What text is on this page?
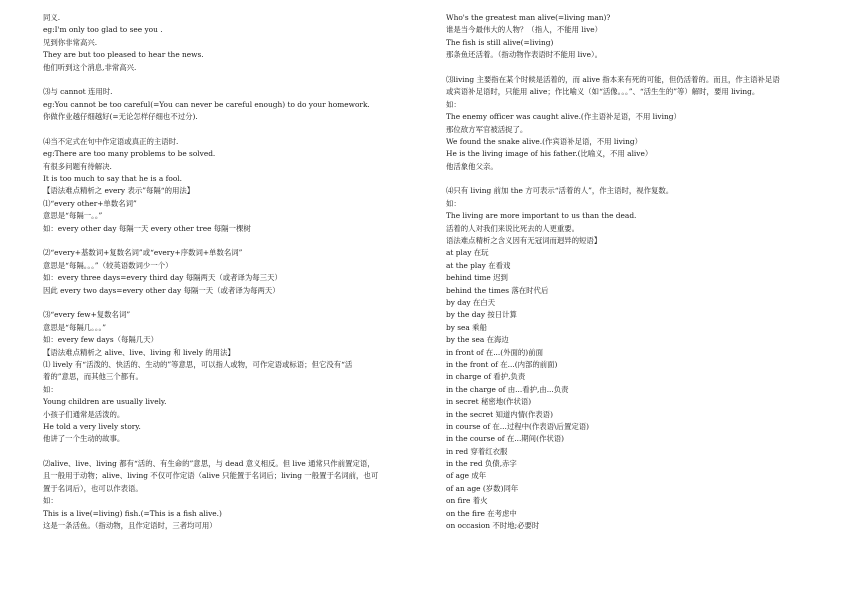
同义.
eg:I'm only too glad to see you .
见到你非常高兴.
They are but too pleased to hear the news.
他们听到这个消息,非常高兴.
⑶与 cannot 连用时.
eg:You cannot be too careful(=You can never be careful enough) to do your homework.
你做作业越仔细越好(=无论怎样仔细也不过分).
⑷当不定式在句中作定语或真正的主语时.
eg:There are too many problems to be solved.
有很多问题有待解决.
It is too much to say that he is a fool.
【语法难点精析之 every 表示”每隔“的用法】
⑴“every other+单数名词”
意思是“每隔一。。”
如：every other day 每隔一天 every other tree 每隔一棵树
⑵“every+基数词+复数名词”或“every+序数词+单数名词”
意思是“每隔。。。”（较英语数词少一个）
如：every three days=every third day 每隔两天（或者译为每三天）
因此 every two days=every other day 每隔一天（或者译为每两天）
⑶“every few+复数名词”
意思是“每隔几。。。”
如：every few days（每隔几天）
【语法难点精析之 alive、live、living 和 lively 的用法】
⑴ lively 有“活泼的、快活的、生动的”等意思，可以指人或物，可作定语或标语；但它没有“活
着的”意思，而其他三个都有。
如：
Young children are usually lively.
小孩子们通常是活泼的。
He told a very lively story.
他讲了一个生动的故事。
⑵alive、live、living 都有“活的、有生命的”意思，与 dead 意义相反。但 live 通常只作前置定语，
且一般用于动物；alive、living 不仅可作定语（alive 只能置于名词后；living 一般置于名词前，也可
置于名词后），也可以作表语。
如：
This is a live(=living) fish.(=This is a fish alive.)
这是一条活鱼。（指动物，且作定语时，三者均可用）
Who's the greatest man alive(=living man)?
谁是当今最伟大的人物？（指人，不能用 live）
The fish is still alive(=living)
那条鱼还活着。（指动物作表语时不能用 live）。
⑶living 主要指在某个时候是活着的，而 alive 指本来有死的可能，但仍活着的。而且，作主语补足语
或宾语补足语时，只能用 alive；作比喻义（如“活像。。。”、“活生生的”等）解时，要用 living。
如：
The enemy officer was caught alive.(作主语补足语，不用 living）
那位敌方军官被活捉了。
We found the snake alive.(作宾语补足语，不用 living）
He is the living image of his father.(比喻义，不用 alive）
他活象他父亲。
⑷只有 living 前加 the 方可表示“活着的人”，作主语时，视作复数。
如：
The living are more important to us than the dead.
活着的人对我们来说比死去的人更重要。
语法难点精析之含义因有无冠词而迥异的短语】
at play 在玩
at the play 在看戏
behind time 迟到
behind the times 落在时代后
by day 在白天
by the day 按日计算
by sea 乘船
by the sea 在海边
in front of 在...(外面的)前面
in the front of 在...(内部的前面)
in charge of 看护,负责
in the charge of 由...看护,由...负责
in secret 秘密地(作状语)
in the secret 知道内情(作表语)
in course of 在...过程中(作表语\后置定语)
in the course of 在...期间(作状语)
in red 穿着红衣服
in the red 负债,赤字
of age 成年
of an age (岁数)同年
on fire 着火
on the fire 在考虑中
on occasion 不时地;必要时
